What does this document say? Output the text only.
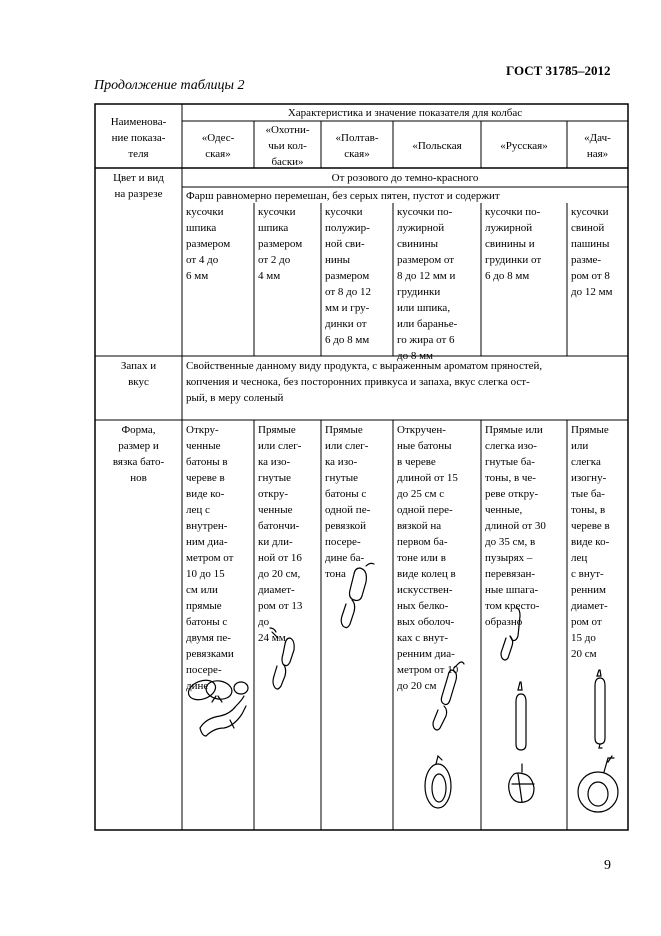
ГОСТ 31785–2012
Продолжение таблицы 2
Наименова-
ние показа-
теля
Характеристика и значение показателя для колбас
«Одес-
ская»
«Охотни-
чьи кол-
баски»
«Полтав-
ская»
«Польская	«Русская»
«Дач-
ная»
Цвет и вид
на разрезе
От розового до темно-красного
Фарш равномерно перемешан, без серых пятен, пустот и содержит
кусочки
шпика
размером
от 4 до
6 мм
кусочки
шпика
размером
от 2 до
4 мм
кусочки
полужир-
ной сви-
нины
размером
от 8 до 12
мм и гру-
динки от
6 до 8 мм
кусочки по-
лужирной
свинины
размером от
8 до 12 мм и
грудинки
или шпика,
или баранье-
го жира от 6
до 8 мм
кусочки по-
лужирной
свинины и
грудинки от
6 до 8 мм
кусочки
свиной
пашины
разме-
ром от 8
до 12 мм
Запах и
вкус
Свойственные данному виду продукта, с выраженным ароматом пряностей,
копчения и чеснока, без посторонних привкуса и запаха, вкус слегка ост-
рый, в меру соленый
Форма,
размер и
вязка бато-
нов
Откру-
ченные
батоны в
череве в
виде ко-
лец с
внутрен-
ним диа-
метром от
10 до 15
см или
прямые
батоны с
двумя пе-
ревязками
посере-
дине
Прямые
или слег-
ка изо-
гнутые
откру-
ченные
батончи-
ки дли-
ной от 16
до 20 см,
диамет-
ром от 13
до
24 мм
Прямые
или слег-
ка изо-
гнутые
батоны с
одной пе-
ревязкой
посере-
дине ба-
тона
Откручен-
ные батоны
в череве
длиной от 15
до 25 см с
одной пере-
вязкой на
первом ба-
тоне или в
виде колец в
искусствен-
ных белко-
вых оболоч-
ках с внут-
ренним диа-
метром от 10
до 20 см
Прямые или
слегка изо-
гнутые ба-
тоны, в че-
реве откру-
ченные,
длиной от 30
до 35 см, в
пузырях –
перевязан-
ные шпага-
том кресто-
образно
Прямые
или
слегка
изогну-
тые ба-
тоны, в
череве в
виде ко-
лец
с внут-
ренним
диамет-
ром от
15 до
20 см
9
